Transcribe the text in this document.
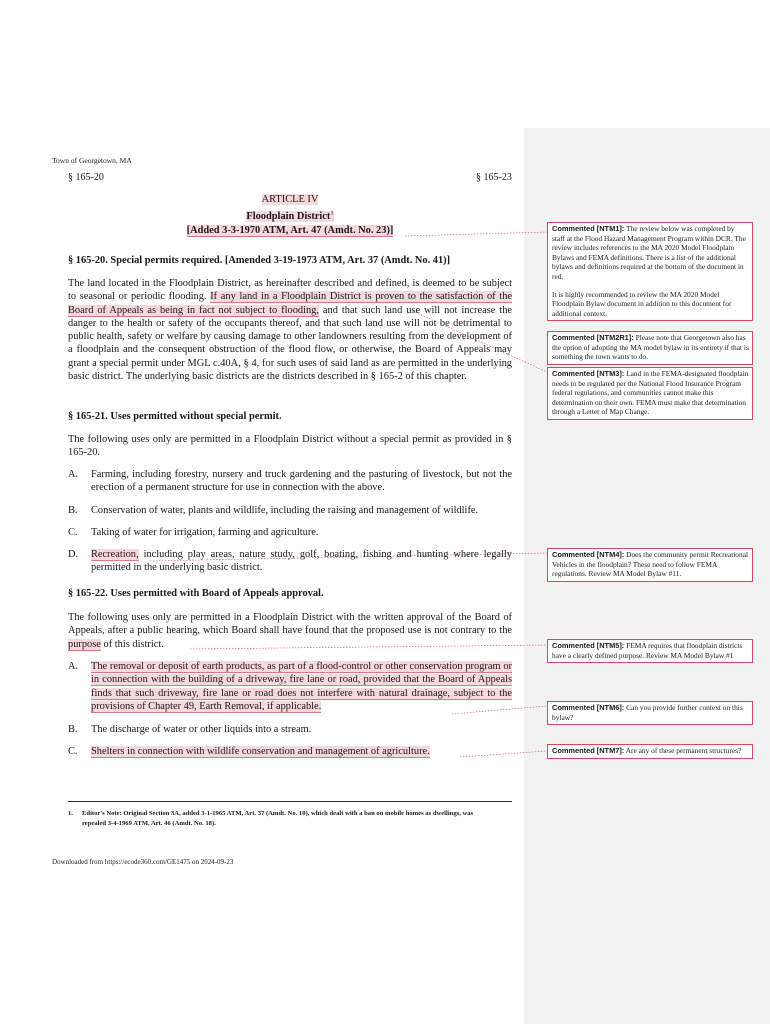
Town of Georgetown, MA
§ 165-20	§ 165-23
ARTICLE IV
Floodplain District$^1$
[Added 3-3-1970 ATM, Art. 47 (Amdt. No. 23)]
§ 165-20. Special permits required. [Amended 3-19-1973 ATM, Art. 37 (Amdt. No. 41)]
The land located in the Floodplain District, as hereinafter described and defined, is deemed to be subject to seasonal or periodic flooding. If any land in a Floodplain District is proven to the satisfaction of the Board of Appeals as being in fact not subject to flooding, and that such land use will not increase the danger to the health or safety of the occupants thereof, and that such land use will not be detrimental to public health, safety or welfare by causing damage to other landowners resulting from the development of a floodplain and the consequent obstruction of the flood flow, or otherwise, the Board of Appeals may grant a special permit under MGL c.40A, § 4, for such uses of said land as are permitted in the underlying basic district. The underlying basic districts are the districts described in § 165-2 of this chapter.
§ 165-21. Uses permitted without special permit.
The following uses only are permitted in a Floodplain District without a special permit as provided in § 165-20.
A. Farming, including forestry, nursery and truck gardening and the pasturing of livestock, but not the erection of a permanent structure for use in connection with the above.
B. Conservation of water, plants and wildlife, including the raising and management of wildlife.
C. Taking of water for irrigation, farming and agriculture.
D. Recreation, including play areas, nature study, golf, boating, fishing and hunting where legally permitted in the underlying basic district.
§ 165-22. Uses permitted with Board of Appeals approval.
The following uses only are permitted in a Floodplain District with the written approval of the Board of Appeals, after a public hearing, which Board shall have found that the proposed use is not contrary to the purpose of this district.
A. The removal or deposit of earth products, as part of a flood-control or other conservation program or in connection with the building of a driveway, fire lane or road, provided that the Board of Appeals finds that such driveway, fire lane or road does not interfere with natural drainage, subject to the provisions of Chapter 49, Earth Removal, if applicable.
B. The discharge of water or other liquids into a stream.
C. Shelters in connection with wildlife conservation and management of agriculture.
1. Editor's Note: Original Section 3A, added 3-1-1965 ATM, Art. 37 (Amdt. No. 10), which dealt with a ban on mobile homes as dwellings, was repealed 3-4-1969 ATM, Art. 46 (Amdt. No. 18).
Downloaded from https://ecode360.com/GE1475 on 2024-09-23

Commented [NTM1]: The review below was completed by staff at the Flood Hazard Management Program within DCR. The review includes references to the MA 2020 Model Floodplain Bylaws and FEMA definitions. There is a list of the additional bylaws and definitions required at the bottom of the document in red.

It is highly recommended to review the MA 2020 Model Floodplain Bylaw document in addition to this document for additional context.

Commented [NTM2R1]: Please note that Georgetown also has the option of adopting the MA model bylaw in its entirety if that is something the town wants to do.

Commented [NTM3]: Land in the FEMA-designated floodplain needs to be regulated per the National Flood Insurance Program federal regulations, and communities cannot make this determination on their own. FEMA must make that determination through a Letter of Map Change.

Commented [NTM4]: Does the community permit Recreational Vehicles in the floodplain? These need to follow FEMA regulations. Review MA Model Bylaw #11.

Commented [NTM5]: FEMA requires that floodplain districts have a clearly defined purpose. Review MA Model Bylaw #1

Commented [NTM6]: Can you provide further context on this bylaw?

Commented [NTM7]: Are any of these permanent structures?
